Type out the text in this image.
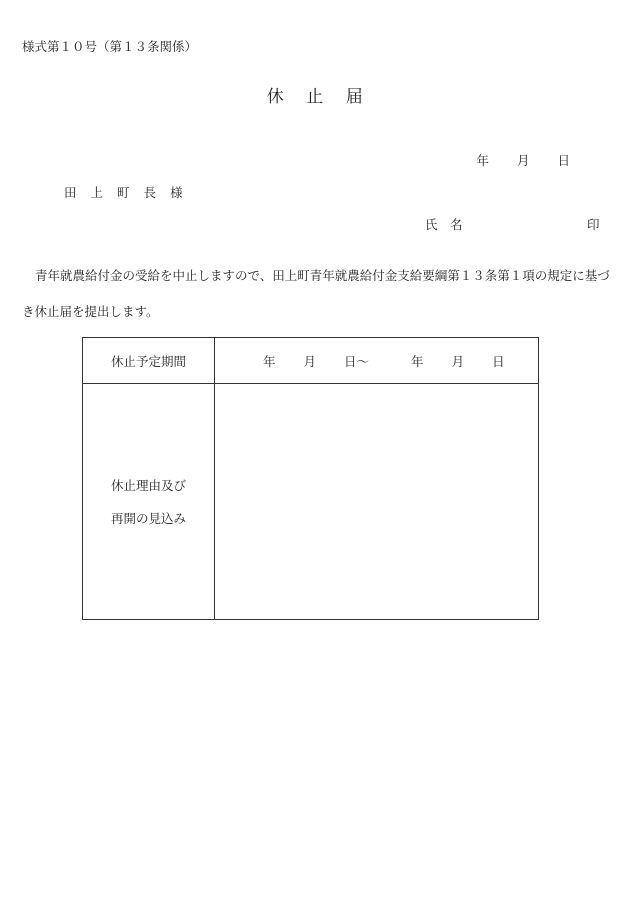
様式第１０号（第１３条関係）
休 止 届
年 月 日
田 上 町 長 様
氏　名	印
青年就農給付金の受給を中止しますので、田上町青年就農給付金支給要綱第１３条第１項の規定に基づき休止届を提出します。
休止予定期間	年 月 日～ 年 月 日

休止理由及び
再開の見込み	
